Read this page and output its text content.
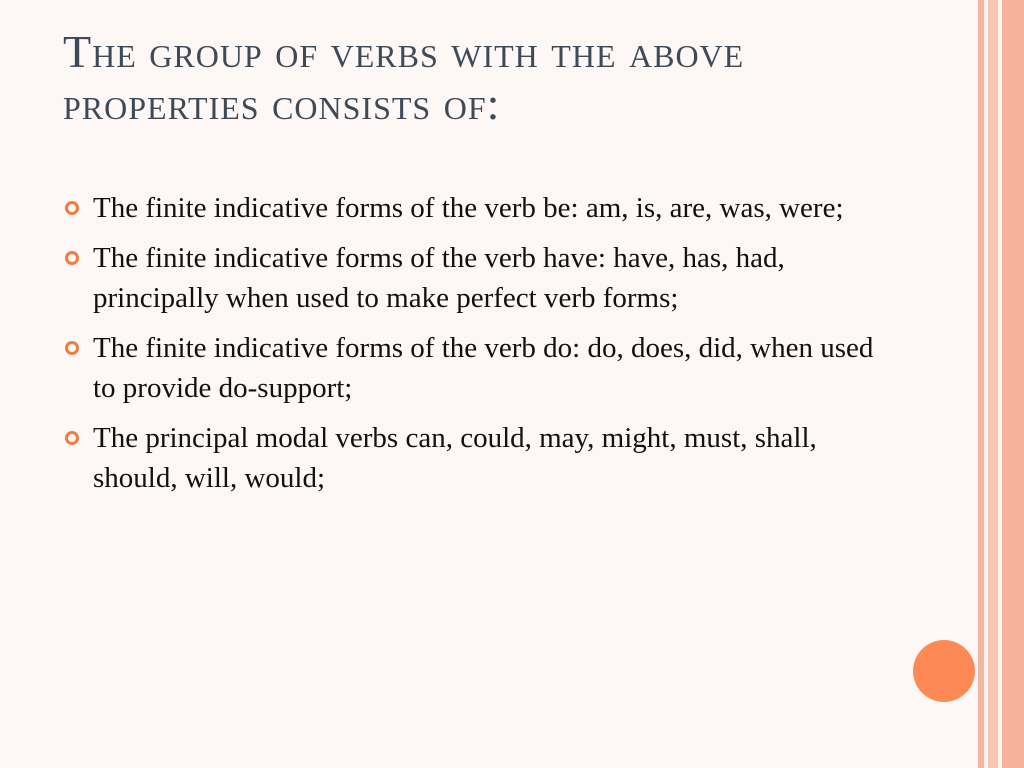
The group of verbs with the above properties consists of:
The finite indicative forms of the verb be: am, is, are, was, were;
The finite indicative forms of the verb have: have, has, had, principally when used to make perfect verb forms;
The finite indicative forms of the verb do: do, does, did, when used to provide do-support;
The principal modal verbs can, could, may, might, must, shall, should, will, would;
